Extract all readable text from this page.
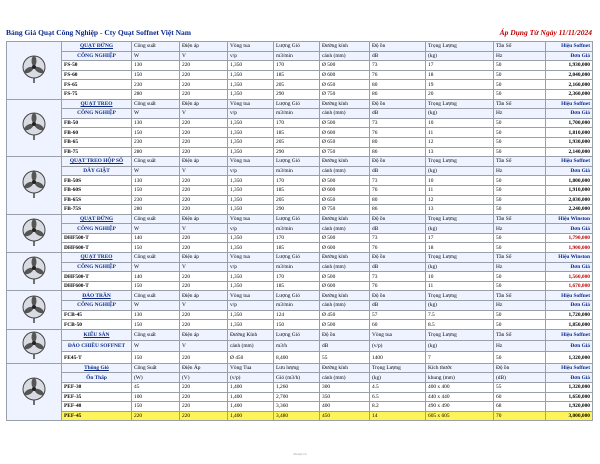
Bảng Giá Quạt Công Nghiệp - Cty Quạt Soffnet Việt Nam	Áp Dụng Từ Ngày 11/11/2024
	QUẠT ĐỨNG	Công suất	Điện áp	Vòng tua	Lượng Gió	Đường kính	Độ ồn	Trọng Lượng	Tần Số	Hiệu Soffnet
	CÔNG NGHIỆP	W	V	v/p	m3/min	cánh (mm)	dB	(kg)	Hz	Đơn Giá
	FS-50	130	220	1,350	170	Ø 500	73	17	50	1,930,000
	FS-60	150	220	1,350	185	Ø 600	76	18	50	2,040,000
	FS-65	230	220	1,350	205	Ø 650	80	19	50	2,160,000
	FS-75	280	220	1,350	290	Ø 750	86	20	50	2,360,000
	QUẠT TREO	Công suất	Điện áp	Vòng tua	Lượng Gió	Đường kính	Độ ồn	Trọng Lượng	Tần Số	Hiệu Soffnet
	CÔNG NGHIỆP	W	V	v/p	m3/min	cánh (mm)	dB	(kg)	Hz	Đơn Giá
	FB-50	130	220	1,350	170	Ø 500	73	10	50	1,700,000
	FB-60	150	220	1,350	185	Ø 600	76	11	50	1,810,000
	FB-65	230	220	1,350	205	Ø 650	80	12	50	1,930,000
	FB-75	280	220	1,350	290	Ø 750	86	13	50	2,140,000
	QUẠT TREO HỘP SỐ	Công suất	Điện áp	Vòng tua	Lượng Gió	Đường kính	Độ ồn	Trọng Lượng	Tần Số	Hiệu Soffnet
	DÂY GIẬT	W	V	v/p	m3/min	cánh (mm)	dB	(kg)	Hz	Đơn Giá
	FB-50S	130	220	1,350	170	Ø 500	73	10	50	1,800,000
	FB-60S	150	220	1,350	185	Ø 600	76	11	50	1,910,000
	FB-65S	230	220	1,350	205	Ø 650	80	12	50	2,030,000
	FB-75S	280	220	1,350	290	Ø 750	86	13	50	2,240,000
	QUẠT ĐỨNG	Công suất	Điện áp	Vòng tua	Lượng Gió	Đường kính	Độ ồn	Trọng Lượng	Tần Số	Hiệu Winston
	CÔNG NGHIỆP	W	V	v/p	m3/min	cánh (mm)	dB	(kg)	Hz	Đơn Giá
	DHF500-T	140	220	1,350	170	Ø 500	73	17	50	1,790,000
	DHF600-T	150	220	1,350	185	Ø 600	76	18	50	1,900,000
	QUẠT TREO	Công suất	Điện áp	Vòng tua	Lượng Gió	Đường kính	Độ ồn	Trọng Lượng	Tần Số	Hiệu Winston
	CÔNG NGHIỆP	W	V	v/p	m3/min	cánh (mm)	dB	(kg)	Hz	Đơn Giá
	DHF500-T	140	220	1,350	170	Ø 500	73	10	50	1,560,000
	DHF600-T	150	220	1,350	185	Ø 600	76	11	50	1,670,000
	ĐẢO TRẦN	Công suất	Điện áp	Vòng tua	Lượng Gió	Đường kính	Độ ồn	Trọng Lượng	Tần Số	Hiệu Soffnet
	CÔNG NGHIỆP	W	V	v/p	m3/min	cánh (mm)	dB	(kg)	Hz	Đơn Giá
	FCB-45	130	220	1,350	124	Ø 450	57	7.5	50	1,720,000
	FCB-50	150	220	1,350	150	Ø 500	60	8.5	50	1,850,000
	KIỂU SÀN	Công suất	Điện áp	Đường Kính	Lượng Gió	Độ ồn	Vòng tua	Trọng Lượng	Tần Số	Hiệu Soffnet
	ĐẢO CHIỀU SOFFNET	W	V	cánh (mm)	m3/h	dB	(v/p)	(kg)	Hz	Đơn Giá
	FE45-T	150	220	Ø 450	8,400	55	1400	7	50	1,320,000
	Thông Gió	Công Suất	Điện Áp	Vòng Tua	Lưu lượng	Đường kính	Trọng Lượng	Kích thước	Độ ồn	Hiệu Soffnet
	Ốn Thấp	(W)	(V)	(v/p)	Gió (m3/h)	cánh (mm)	(kg)	khung (mm)	(dB)	Đơn Giá
	PEF-30	45	220	1,400	1,260	300	4.5	400 x 400	55	1,320,000
	PEF-35	100	220	1,400	2,700	350	6.5	440 x 440	60	1,650,000
	PEF-40	150	220	1,400	3,360	400	8.2	490 x 490	68	1,920,000
	PEF-45	220	220	1,400	3,480	450	14	605 x 605	70	3,000,000
dienqi.vn
